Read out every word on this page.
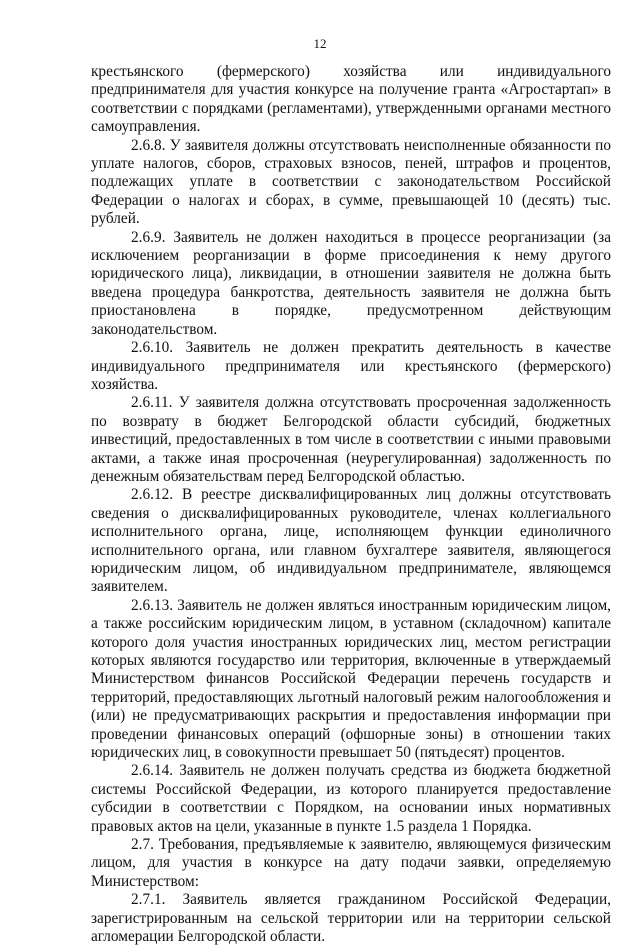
12

крестьянского (фермерского) хозяйства или индивидуального предпринимателя для участия конкурсе на получение гранта «Агростартап» в соответствии с порядками (регламентами), утвержденными органами местного самоуправления.

2.6.8. У заявителя должны отсутствовать неисполненные обязанности по уплате налогов, сборов, страховых взносов, пеней, штрафов и процентов, подлежащих уплате в соответствии с законодательством Российской Федерации о налогах и сборах, в сумме, превышающей 10 (десять) тыс. рублей.

2.6.9. Заявитель не должен находиться в процессе реорганизации (за исключением реорганизации в форме присоединения к нему другого юридического лица), ликвидации, в отношении заявителя не должна быть введена процедура банкротства, деятельность заявителя не должна быть приостановлена в порядке, предусмотренном действующим законодательством.

2.6.10. Заявитель не должен прекратить деятельность в качестве индивидуального предпринимателя или крестьянского (фермерского) хозяйства.

2.6.11. У заявителя должна отсутствовать просроченная задолженность по возврату в бюджет Белгородской области субсидий, бюджетных инвестиций, предоставленных в том числе в соответствии с иными правовыми актами, а также иная просроченная (неурегулированная) задолженность по денежным обязательствам перед Белгородской областью.

2.6.12. В реестре дисквалифицированных лиц должны отсутствовать сведения о дисквалифицированных руководителе, членах коллегиального исполнительного органа, лице, исполняющем функции единоличного исполнительного органа, или главном бухгалтере заявителя, являющегося юридическим лицом, об индивидуальном предпринимателе, являющемся заявителем.

2.6.13. Заявитель не должен являться иностранным юридическим лицом, а также российским юридическим лицом, в уставном (складочном) капитале которого доля участия иностранных юридических лиц, местом регистрации которых являются государство или территория, включенные в утверждаемый Министерством финансов Российской Федерации перечень государств и территорий, предоставляющих льготный налоговый режим налогообложения и (или) не предусматривающих раскрытия и предоставления информации при проведении финансовых операций (офшорные зоны) в отношении таких юридических лиц, в совокупности превышает 50 (пятьдесят) процентов.

2.6.14. Заявитель не должен получать средства из бюджета бюджетной системы Российской Федерации, из которого планируется предоставление субсидии в соответствии с Порядком, на основании иных нормативных правовых актов на цели, указанные в пункте 1.5 раздела 1 Порядка.

2.7. Требования, предъявляемые к заявителю, являющемуся физическим лицом, для участия в конкурсе на дату подачи заявки, определяемую Министерством:

2.7.1. Заявитель является гражданином Российской Федерации, зарегистрированным на сельской территории или на территории сельской агломерации Белгородской области.
